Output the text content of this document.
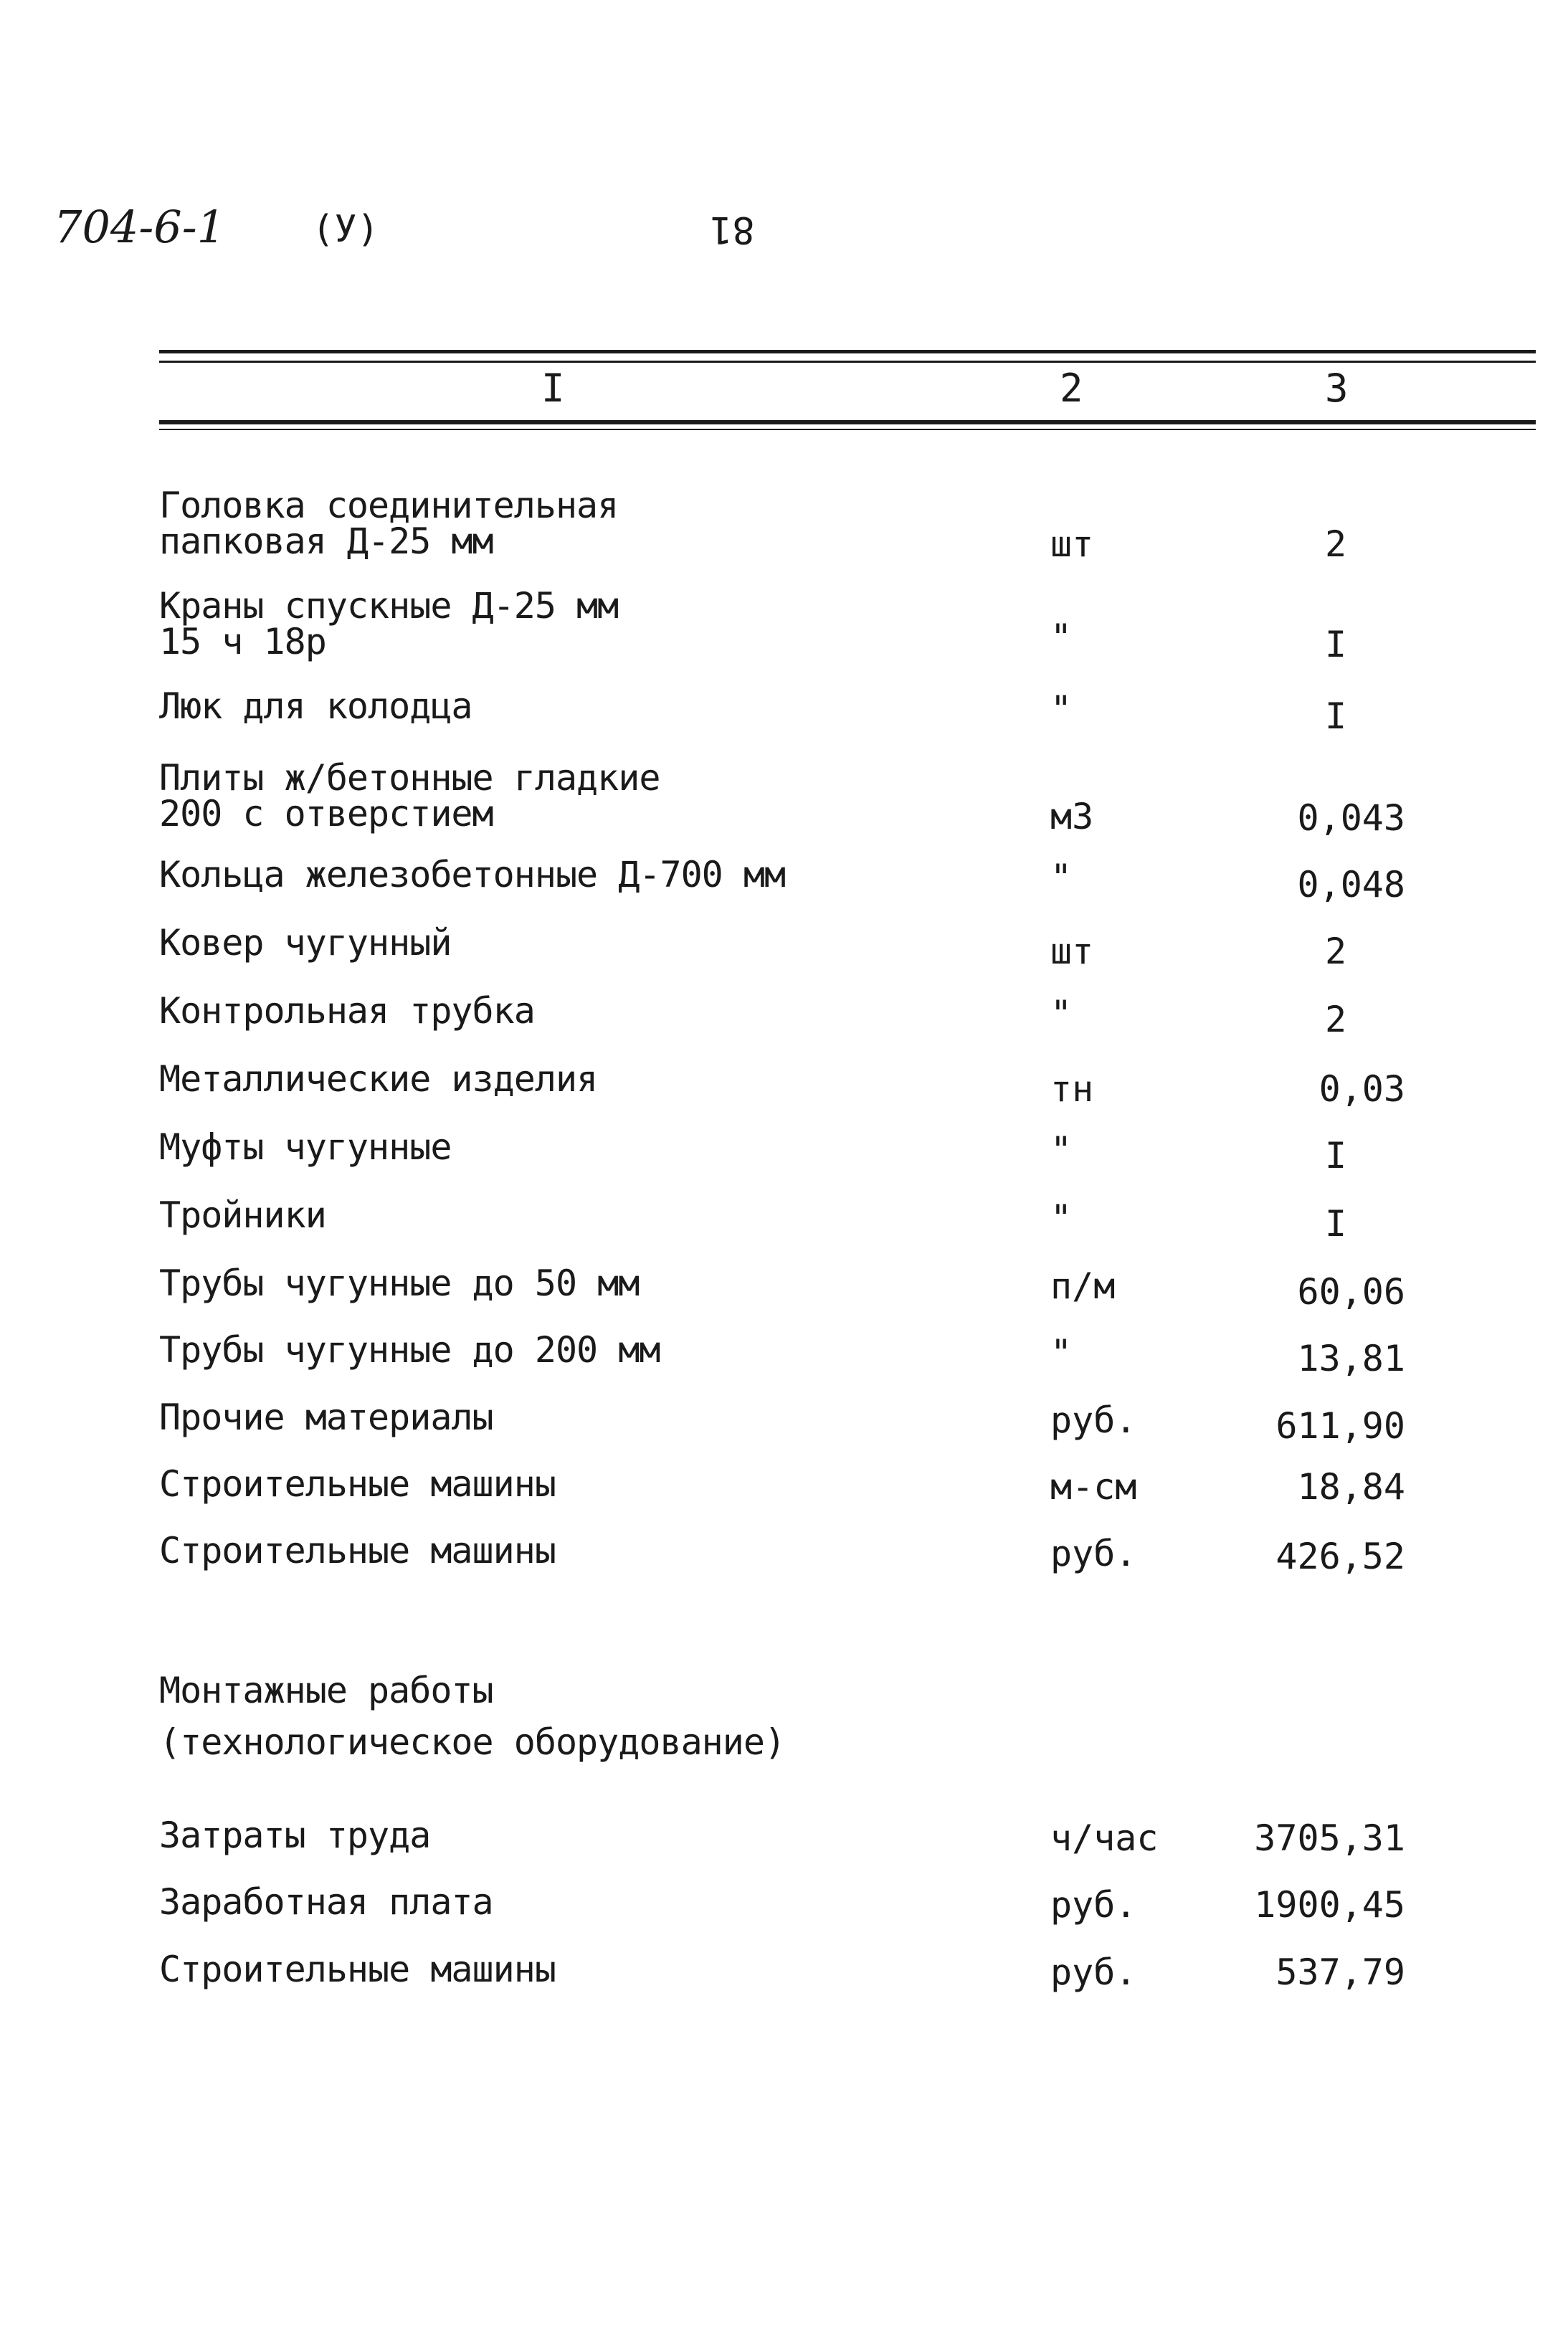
704-6-1 (У)	81
I	2	3
Головка соединительная
папковая Д-25 мм	шт	2
Краны спускные Д-25 мм
15 ч 18р	"	I
Люк для колодца	"	I
Плиты ж/бетонные гладкие
200 с отверстием	м3	0,043
Кольца железобетонные Д-700 мм	"	0,048
Ковер чугунный	шт	2
Контрольная трубка	"	2
Металлические изделия	тн	0,03
Муфты чугунные	"	I
Тройники	"	I
Трубы чугунные до 50 мм	п/м	60,06
Трубы чугунные до 200 мм	"	13,81
Прочие материалы	руб.	611,90
Строительные машины	м-см	18,84
Строительные машины	руб.	426,52
Монтажные работы
(технологическое оборудование)
Затраты труда	ч/час	3705,31
Заработная плата	руб.	1900,45
Строительные машины	руб.	537,79
